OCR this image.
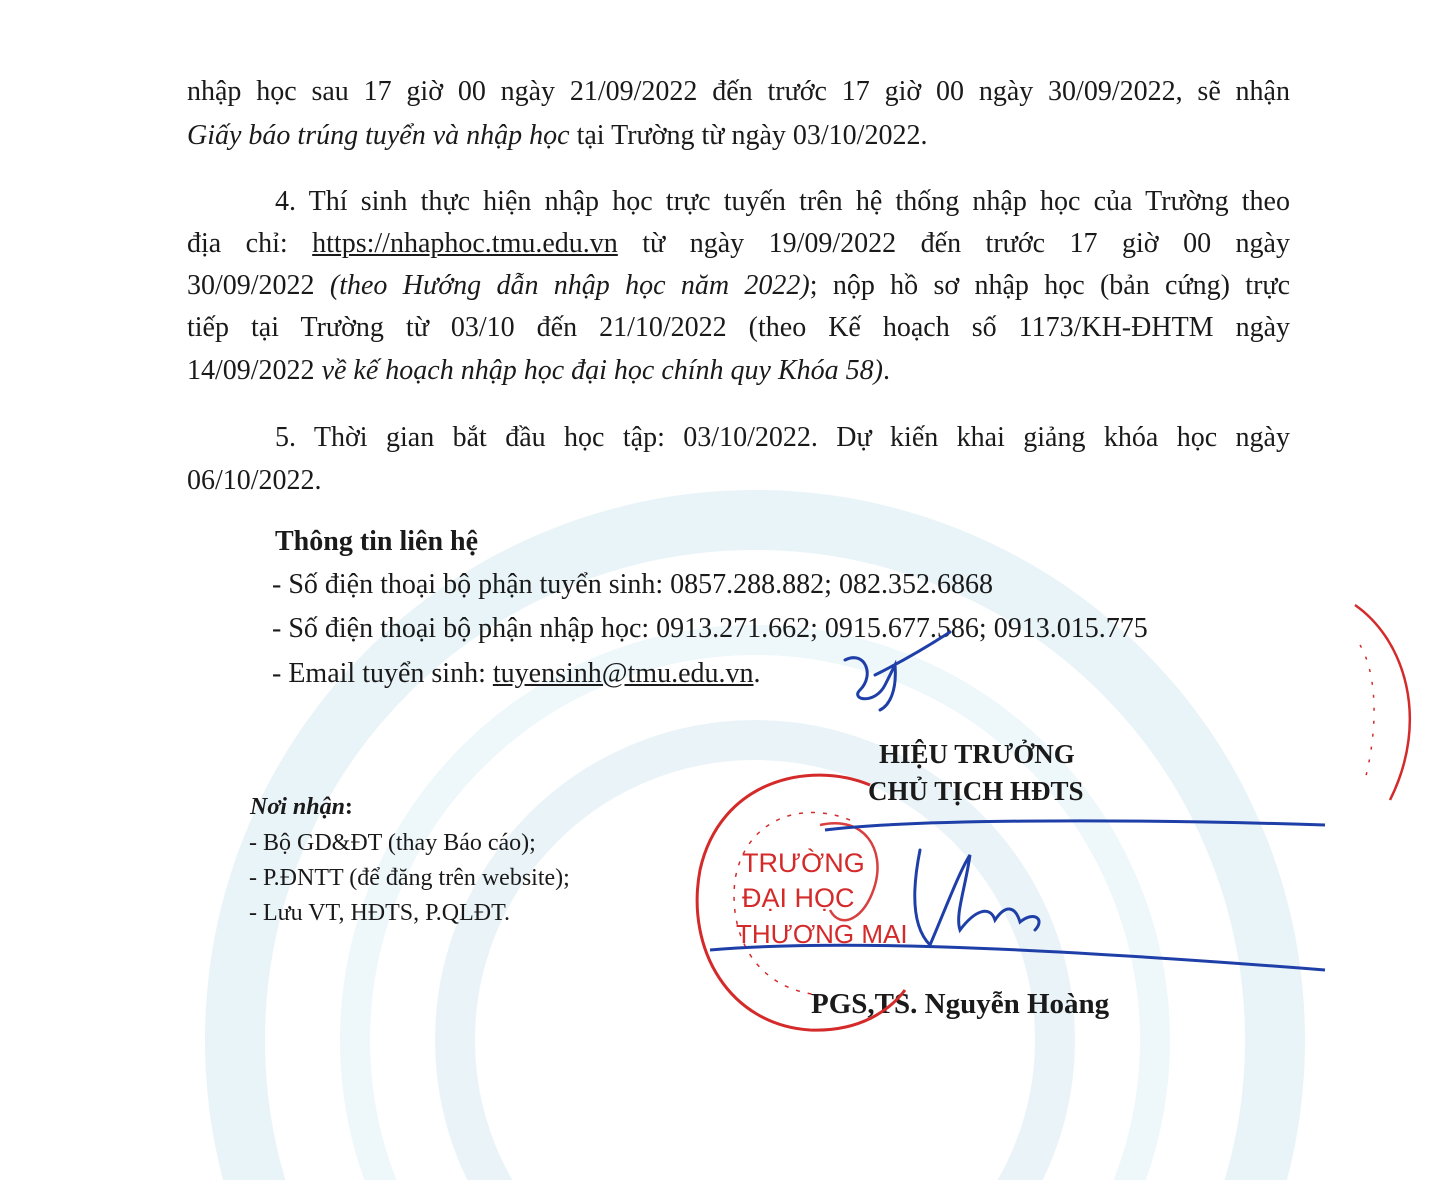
nhập học sau 17 giờ 00 ngày 21/09/2022 đến trước 17 giờ 00 ngày 30/09/2022, sẽ nhận
Giấy báo trúng tuyển và nhập học tại Trường từ ngày 03/10/2022.
4. Thí sinh thực hiện nhập học trực tuyến trên hệ thống nhập học của Trường theo
địa chỉ: https://nhaphoc.tmu.edu.vn từ ngày 19/09/2022 đến trước 17 giờ 00 ngày
30/09/2022 (theo Hướng dẫn nhập học năm 2022); nộp hồ sơ nhập học (bản cứng) trực
tiếp tại Trường từ 03/10 đến 21/10/2022 (theo Kế hoạch số 1173/KH-ĐHTM ngày
14/09/2022 về kế hoạch nhập học đại học chính quy Khóa 58).
5. Thời gian bắt đầu học tập: 03/10/2022. Dự kiến khai giảng khóa học ngày
06/10/2022.
Thông tin liên hệ
- Số điện thoại bộ phận tuyển sinh: 0857.288.882; 082.352.6868
- Số điện thoại bộ phận nhập học: 0913.271.662; 0915.677.586; 0913.015.775
- Email tuyển sinh: tuyensinh@tmu.edu.vn.
Nơi nhận:
- Bộ GD&ĐT (thay Báo cáo);
- P.ĐNTT (để đăng trên website);
- Lưu VT, HĐTS, P.QLĐT.
HIỆU TRƯỞNG
CHỦ TỊCH HĐTS
PGS,TS. Nguyễn Hoàng
TRƯỜNG
ĐẠI HỌC
THƯƠNG MẠI
